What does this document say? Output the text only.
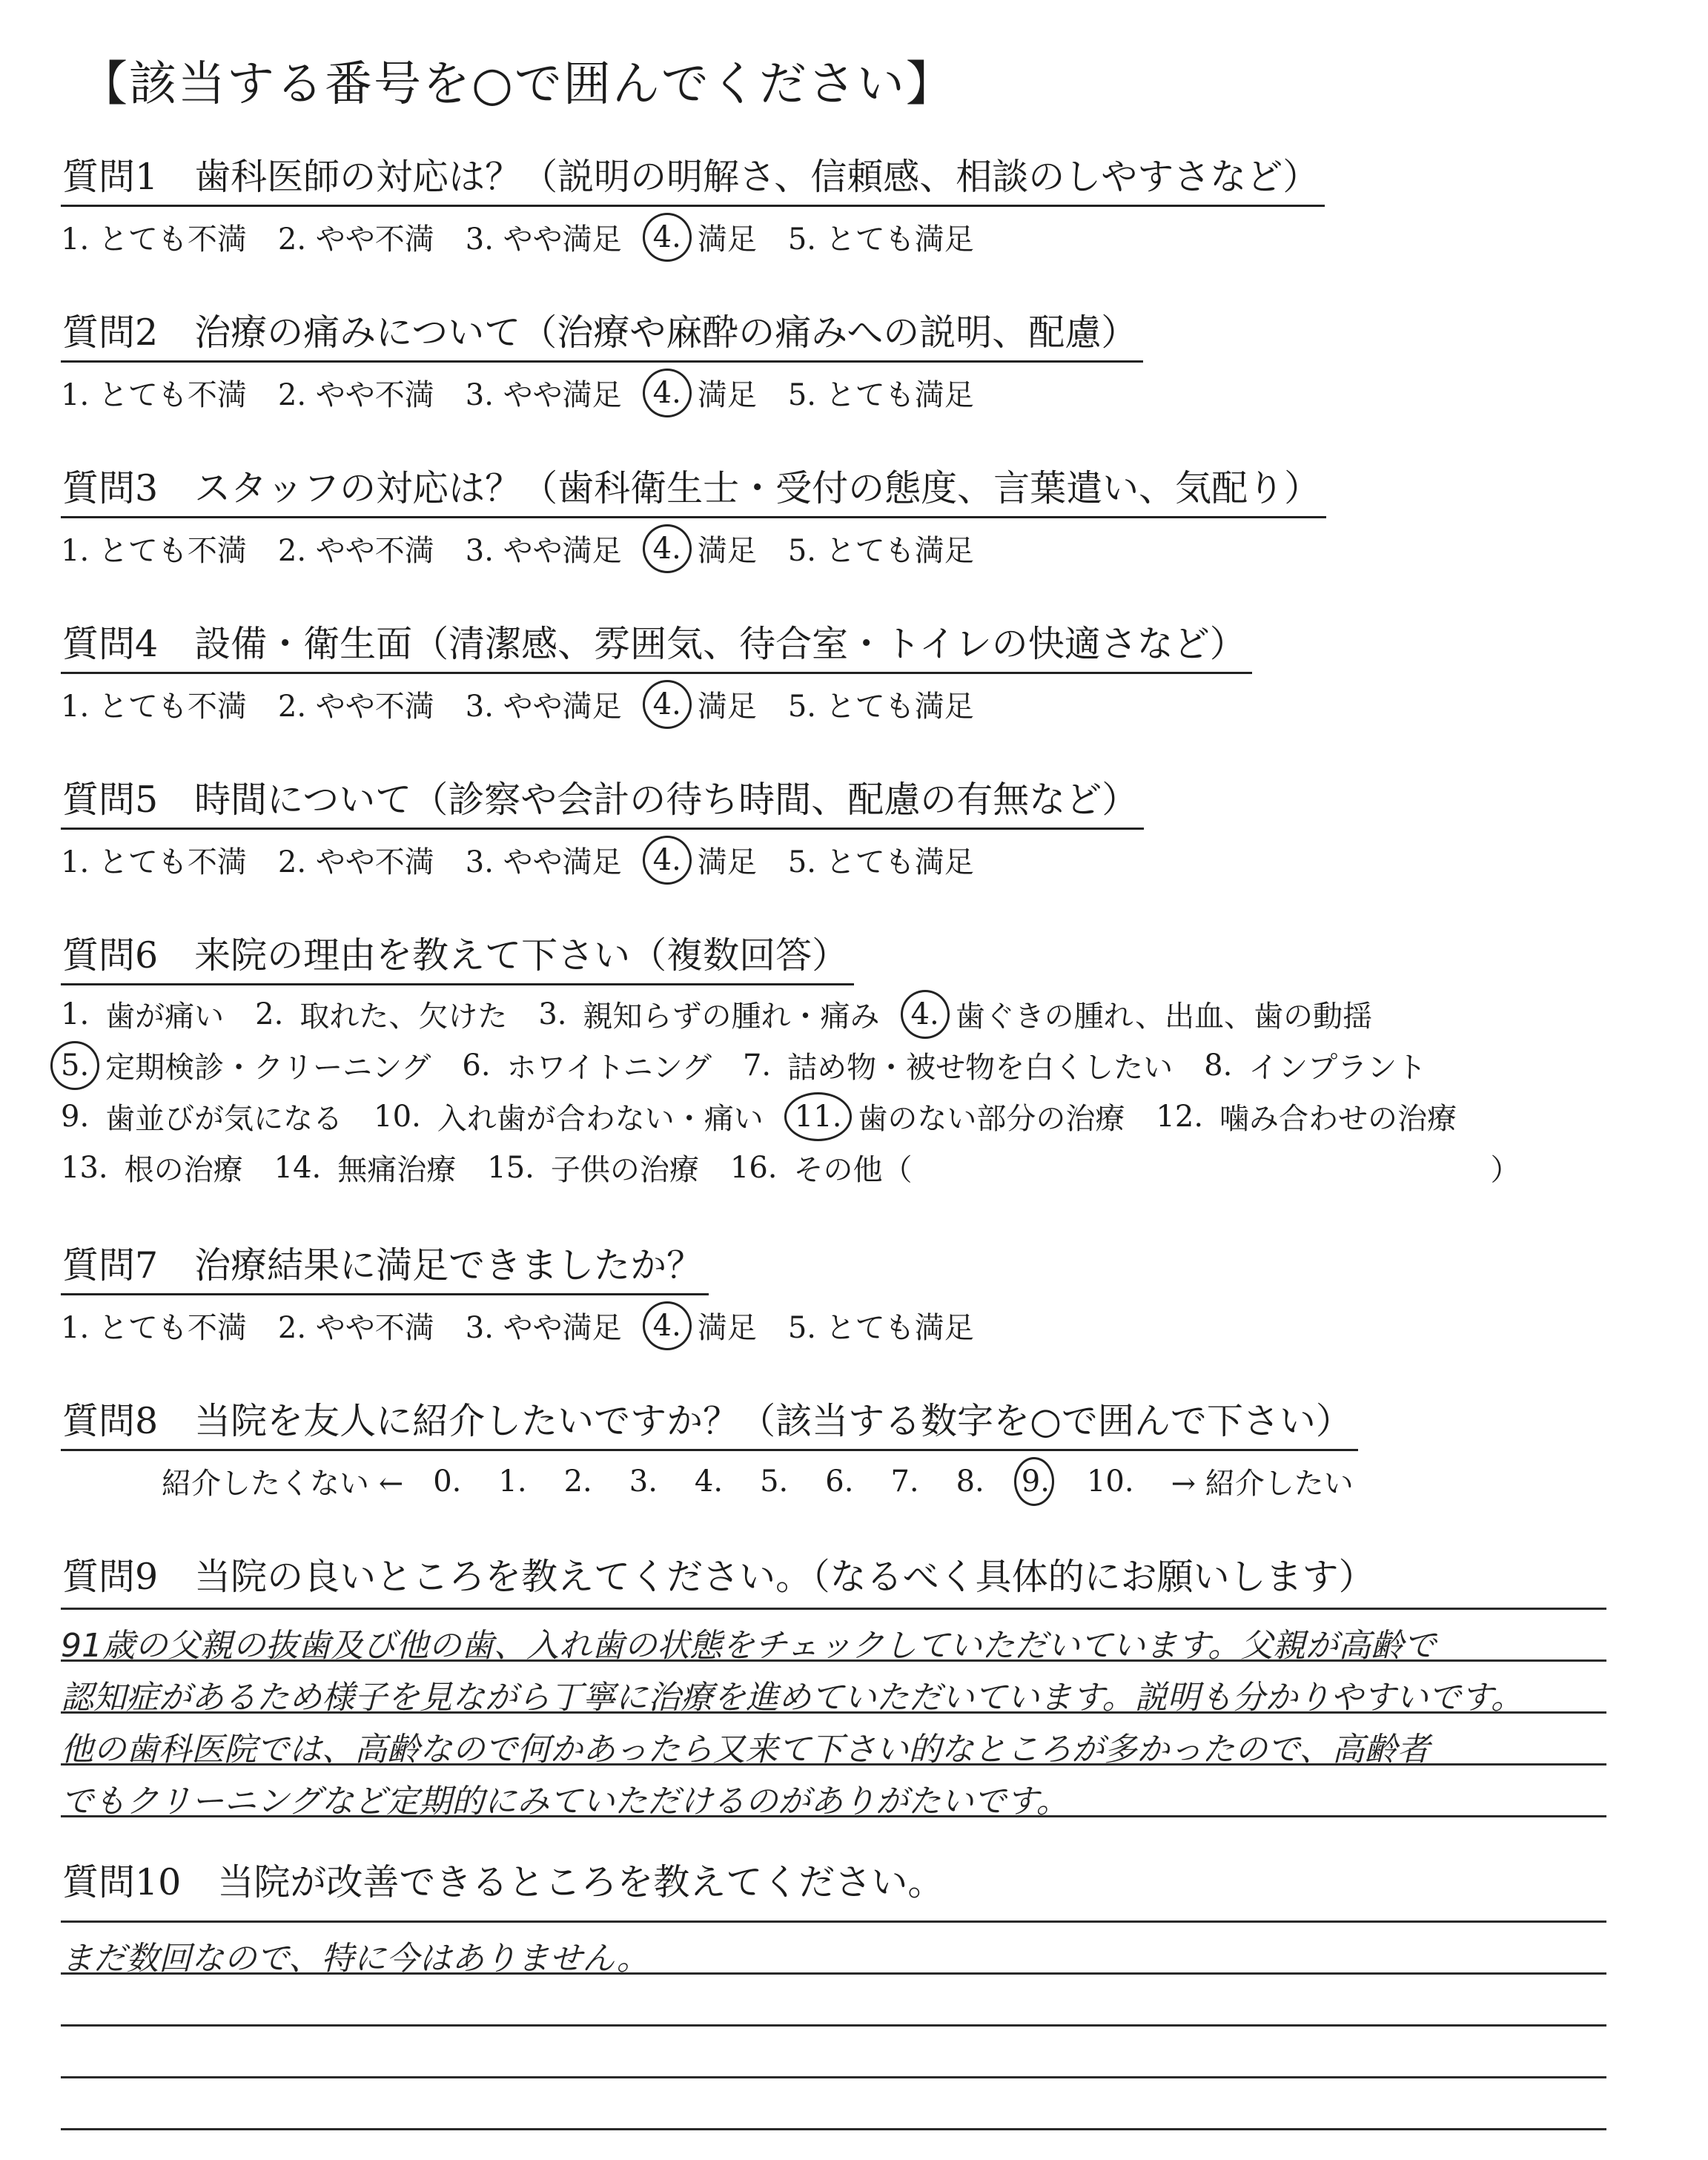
【該当する番号を○で囲んでください】
質問1　歯科医師の対応は？（説明の明解さ、信頼感、相談のしやすさなど）
1. とても不満 2. やや不満 3. やや満足 4. 満足 5. とても満足
質問2　治療の痛みについて（治療や麻酔の痛みへの説明、配慮）
1. とても不満 2. やや不満 3. やや満足 4. 満足 5. とても満足
質問3　スタッフの対応は？（歯科衛生士・受付の態度、言葉遣い、気配り）
1. とても不満 2. やや不満 3. やや満足 4. 満足 5. とても満足
質問4　設備・衛生面（清潔感、雰囲気、待合室・トイレの快適さなど）
1. とても不満 2. やや不満 3. やや満足 4. 満足 5. とても満足
質問5　時間について（診察や会計の待ち時間、配慮の有無など）
1. とても不満 2. やや不満 3. やや満足 4. 満足 5. とても満足
質問6　来院の理由を教えて下さい（複数回答）
1. 歯が痛い 2. 取れた、欠けた 3. 親知らずの腫れ・痛み 4. 歯ぐきの腫れ、出血、歯の動揺
5. 定期検診・クリーニング 6. ホワイトニング 7. 詰め物・被せ物を白くしたい 8. インプラント
9. 歯並びが気になる 10. 入れ歯が合わない・痛い 11. 歯のない部分の治療 12. 噛み合わせの治療
13. 根の治療 14. 無痛治療 15. 子供の治療 16. その他（	）
質問7　治療結果に満足できましたか？
1. とても不満 2. やや不満 3. やや満足 4. 満足 5. とても満足
質問8　当院を友人に紹介したいですか？（該当する数字を○で囲んで下さい）
紹介したくない ← 0. 1. 2. 3. 4. 5. 6. 7. 8. 9. 10. → 紹介したい
質問9　当院の良いところを教えてください。（なるべく具体的にお願いします）
91歳の父親の抜歯及び他の歯、入れ歯の状態をチェックしていただいています。父親が高齢で
認知症があるため様子を見ながら丁寧に治療を進めていただいています。説明も分かりやすいです。
他の歯科医院では、高齢なので何かあったら又来て下さい的なところが多かったので、高齢者
でもクリーニングなど定期的にみていただけるのがありがたいです。
質問10　当院が改善できるところを教えてください。
まだ数回なので、特に今はありません。
